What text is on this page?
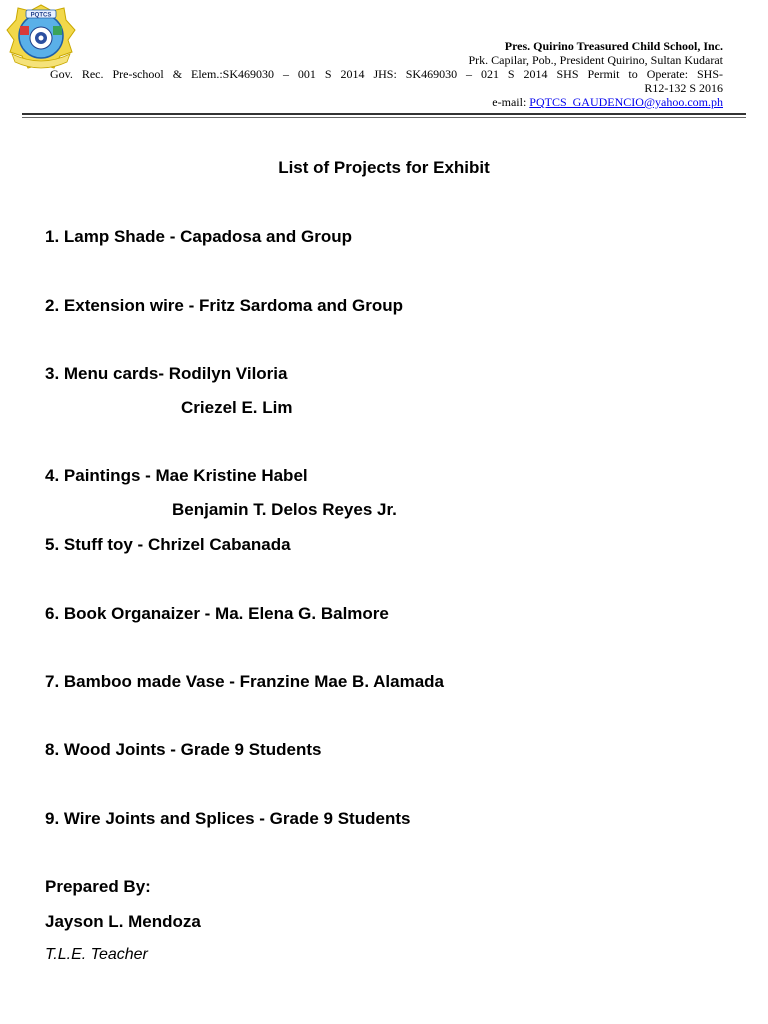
PQTCS
Pres. Quirino Treasured Child School, Inc.
Prk. Capilar, Pob., President Quirino, Sultan Kudarat
Gov. Rec. Pre-school & Elem.:SK469030 – 001 S 2014 JHS: SK469030 – 021 S 2014 SHS Permit to Operate: SHS-
R12-132 S 2016
e-mail: PQTCS_GAUDENCIO@yahoo.com.ph
List of Projects for Exhibit
1. Lamp Shade - Capadosa and Group
2. Extension wire - Fritz Sardoma and Group
3. Menu cards- Rodilyn Viloria
Criezel E. Lim
4. Paintings - Mae Kristine Habel
Benjamin T. Delos Reyes Jr.
5. Stuff toy - Chrizel Cabanada
6. Book Organaizer - Ma. Elena G. Balmore
7. Bamboo made Vase - Franzine Mae B. Alamada
8. Wood Joints - Grade 9 Students
9. Wire Joints and Splices - Grade 9 Students
Prepared By:
Jayson L. Mendoza
T.L.E. Teacher
